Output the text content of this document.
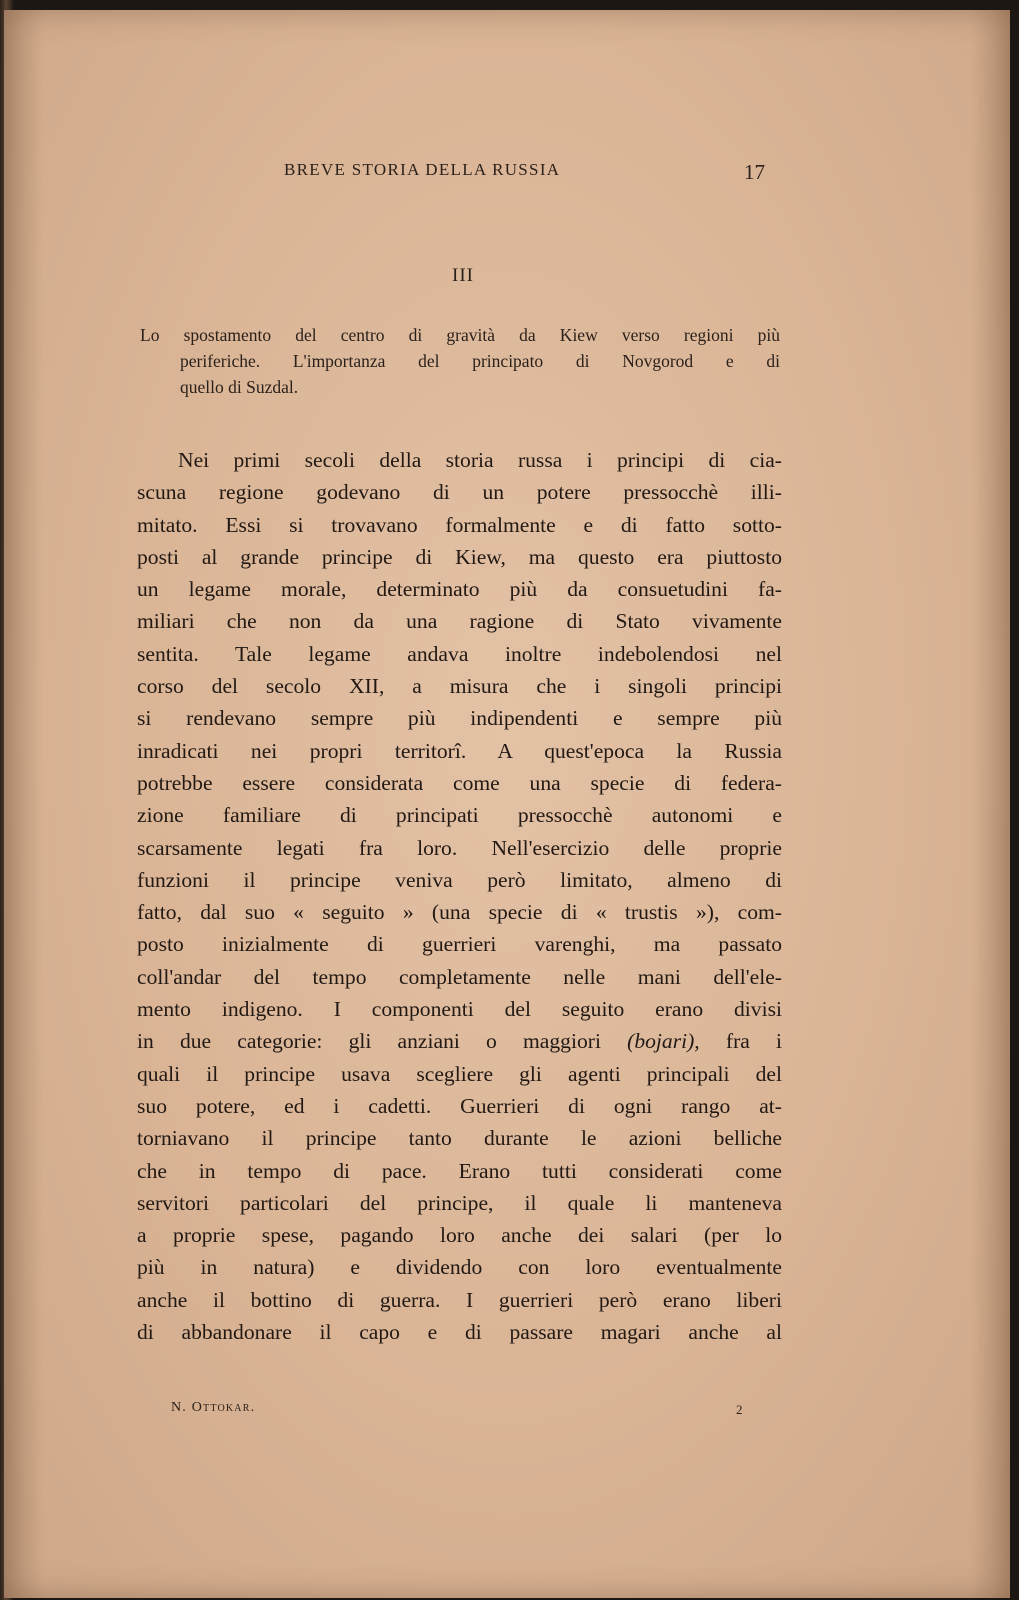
BREVE STORIA DELLA RUSSIA	17
III
Lo spostamento del centro di gravità da Kiew verso regioni più
periferiche. L'importanza del principato di Novgorod e di
quello di Suzdal.
Nei primi secoli della storia russa i principi di cia-
scuna regione godevano di un potere pressocchè illi-
mitato. Essi si trovavano formalmente e di fatto sotto-
posti al grande principe di Kiew, ma questo era piuttosto
un legame morale, determinato più da consuetudini fa-
miliari che non da una ragione di Stato vivamente
sentita. Tale legame andava inoltre indebolendosi nel
corso del secolo XII, a misura che i singoli principi
si rendevano sempre più indipendenti e sempre più
inradicati nei propri territorî. A quest'epoca la Russia
potrebbe essere considerata come una specie di federa-
zione familiare di principati pressocchè autonomi e
scarsamente legati fra loro. Nell'esercizio delle proprie
funzioni il principe veniva però limitato, almeno di
fatto, dal suo « seguito » (una specie di « trustis »), com-
posto inizialmente di guerrieri varenghi, ma passato
coll'andar del tempo completamente nelle mani dell'ele-
mento indigeno. I componenti del seguito erano divisi
in due categorie: gli anziani o maggiori (bojari), fra i
quali il principe usava scegliere gli agenti principali del
suo potere, ed i cadetti. Guerrieri di ogni rango at-
torniavano il principe tanto durante le azioni belliche
che in tempo di pace. Erano tutti considerati come
servitori particolari del principe, il quale li manteneva
a proprie spese, pagando loro anche dei salari (per lo
più in natura) e dividendo con loro eventualmente
anche il bottino di guerra. I guerrieri però erano liberi
di abbandonare il capo e di passare magari anche al
N. Ottokar.	2
